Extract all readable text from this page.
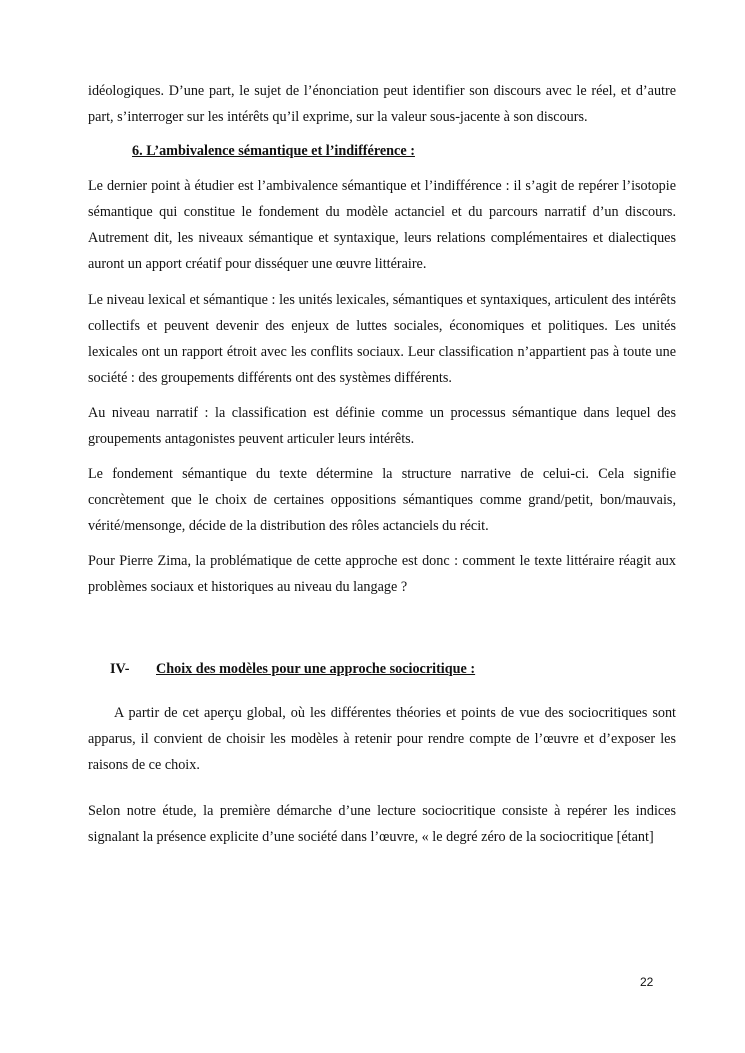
idéologiques. D’une part, le sujet de l’énonciation peut identifier son discours avec le réel, et d’autre part, s’interroger sur les intérêts qu’il exprime, sur la valeur sous-jacente à son discours.

6. L’ambivalence sémantique et l’indifférence :

Le dernier point à étudier est l’ambivalence sémantique et l’indifférence : il s’agit de repérer l’isotopie sémantique qui constitue le fondement du modèle actanciel et du parcours narratif d’un discours. Autrement dit, les niveaux sémantique et syntaxique, leurs relations complémentaires et dialectiques auront un apport créatif pour disséquer une œuvre littéraire.

Le niveau lexical et sémantique : les unités lexicales, sémantiques et syntaxiques, articulent des intérêts collectifs et peuvent devenir des enjeux de luttes sociales, économiques et politiques. Les unités lexicales ont un rapport étroit avec les conflits sociaux. Leur classification n’appartient pas à toute une société : des groupements différents ont des systèmes différents.

Au niveau narratif : la classification est définie comme un processus sémantique dans lequel des groupements antagonistes peuvent articuler leurs intérêts.

Le fondement sémantique du texte détermine la structure narrative de celui-ci. Cela signifie concrètement que le choix de certaines oppositions sémantiques comme grand/petit, bon/mauvais, vérité/mensonge, décide de la distribution des rôles actanciels du récit.

Pour Pierre Zima, la problématique de cette approche est donc : comment le texte littéraire réagit aux problèmes sociaux et historiques au niveau du langage ?

IV-	Choix des modèles pour une approche sociocritique :

A partir de cet aperçu global, où les différentes théories et points de vue des sociocritiques sont apparus, il convient de choisir les modèles à retenir pour rendre compte de l’œuvre et d’exposer les raisons de ce choix.

Selon notre étude, la première démarche d’une lecture sociocritique consiste à repérer les indices signalant la présence explicite d’une société dans l’œuvre, « le degré zéro de la sociocritique [étant]

22
